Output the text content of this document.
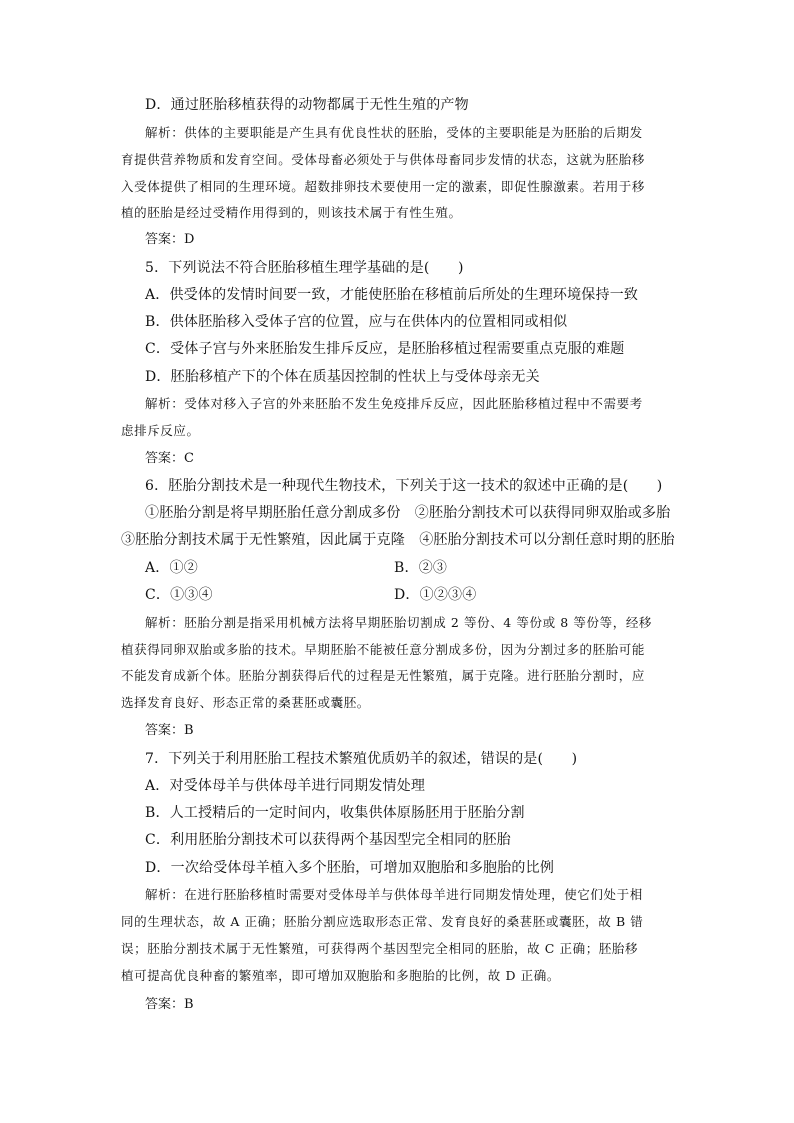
D．通过胚胎移植获得的动物都属于无性生殖的产物
解析：供体的主要职能是产生具有优良性状的胚胎，受体的主要职能是为胚胎的后期发
育提供营养物质和发育空间。受体母畜必须处于与供体母畜同步发情的状态，这就为胚胎移
入受体提供了相同的生理环境。超数排卵技术要使用一定的激素，即促性腺激素。若用于移
植的胚胎是经过受精作用得到的，则该技术属于有性生殖。
答案：D
5．下列说法不符合胚胎移植生理学基础的是(　　)
A．供受体的发情时间要一致，才能使胚胎在移植前后所处的生理环境保持一致
B．供体胚胎移入受体子宫的位置，应与在供体内的位置相同或相似
C．受体子宫与外来胚胎发生排斥反应，是胚胎移植过程需要重点克服的难题
D．胚胎移植产下的个体在质基因控制的性状上与受体母亲无关
解析：受体对移入子宫的外来胚胎不发生免疫排斥反应，因此胚胎移植过程中不需要考
虑排斥反应。
答案：C
6．胚胎分割技术是一种现代生物技术，下列关于这一技术的叙述中正确的是(　　)
①胚胎分割是将早期胚胎任意分割成多份　②胚胎分割技术可以获得同卵双胎或多胎
③胚胎分割技术属于无性繁殖，因此属于克隆　④胚胎分割技术可以分割任意时期的胚胎
A．①②	B．②③
C．①③④	D．①②③④
解析：胚胎分割是指采用机械方法将早期胚胎切割成 2 等份、4 等份或 8 等份等，经移
植获得同卵双胎或多胎的技术。早期胚胎不能被任意分割成多份，因为分割过多的胚胎可能
不能发育成新个体。胚胎分割获得后代的过程是无性繁殖，属于克隆。进行胚胎分割时，应
选择发育良好、形态正常的桑葚胚或囊胚。
答案：B
7．下列关于利用胚胎工程技术繁殖优质奶羊的叙述，错误的是(　　)
A．对受体母羊与供体母羊进行同期发情处理
B．人工授精后的一定时间内，收集供体原肠胚用于胚胎分割
C．利用胚胎分割技术可以获得两个基因型完全相同的胚胎
D．一次给受体母羊植入多个胚胎，可增加双胞胎和多胞胎的比例
解析：在进行胚胎移植时需要对受体母羊与供体母羊进行同期发情处理，使它们处于相
同的生理状态，故 A 正确；胚胎分割应选取形态正常、发育良好的桑葚胚或囊胚，故 B 错
误；胚胎分割技术属于无性繁殖，可获得两个基因型完全相同的胚胎，故 C 正确；胚胎移
植可提高优良种畜的繁殖率，即可增加双胞胎和多胞胎的比例，故 D 正确。
答案：B
